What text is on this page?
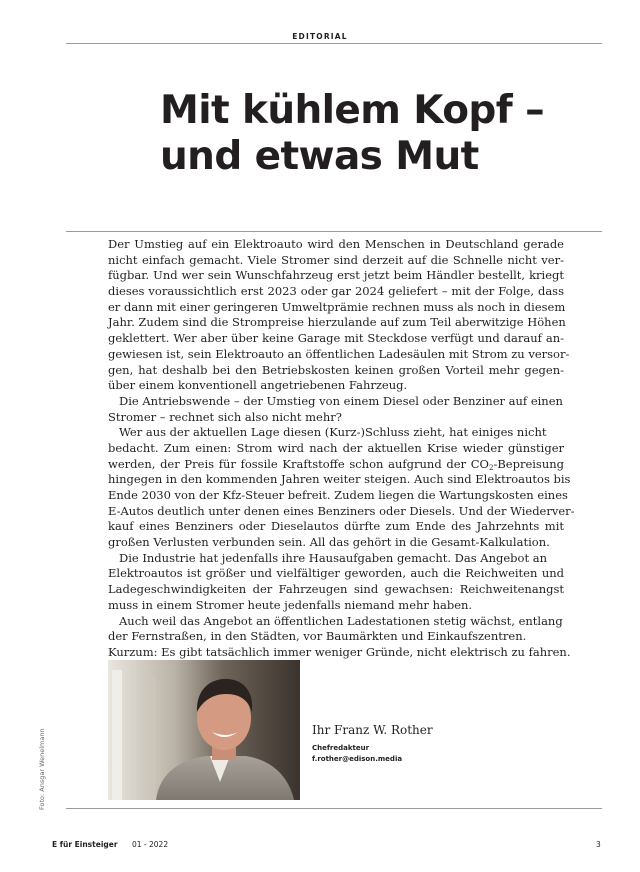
EDITORIAL
Mit kühlem Kopf –
und etwas Mut
Der Umstieg auf ein Elektroauto wird den Menschen in Deutschland gerade
nicht einfach gemacht. Viele Stromer sind derzeit auf die Schnelle nicht ver-
fügbar. Und wer sein Wunschfahrzeug erst jetzt beim Händler bestellt, kriegt
dieses voraussichtlich erst 2023 oder gar 2024 geliefert – mit der Folge, dass
er dann mit einer geringeren Umweltprämie rechnen muss als noch in diesem
Jahr. Zudem sind die Strompreise hierzulande auf zum Teil aberwitzige Höhen
geklettert. Wer aber über keine Garage mit Steckdose verfügt und darauf an-
gewiesen ist, sein Elektroauto an öffentlichen Ladesäulen mit Strom zu versor-
gen, hat deshalb bei den Betriebskosten keinen großen Vorteil mehr gegen-
über einem konventionell angetriebenen Fahrzeug.
Die Antriebswende – der Umstieg von einem Diesel oder Benziner auf einen
Stromer – rechnet sich also nicht mehr?
Wer aus der aktuellen Lage diesen (Kurz-)Schluss zieht, hat einiges nicht
bedacht. Zum einen: Strom wird nach der aktuellen Krise wieder günstiger
werden, der Preis für fossile Kraftstoffe schon aufgrund der $CO_2$-Bepreisung
hingegen in den kommenden Jahren weiter steigen. Auch sind Elektroautos bis
Ende 2030 von der Kfz-Steuer befreit. Zudem liegen die Wartungskosten eines
E-Autos deutlich unter denen eines Benziners oder Diesels. Und der Wiederver-
kauf eines Benziners oder Dieselautos dürfte zum Ende des Jahrzehnts mit
großen Verlusten verbunden sein. All das gehört in die Gesamt-Kalkulation.
Die Industrie hat jedenfalls ihre Hausaufgaben gemacht. Das Angebot an
Elektroautos ist größer und vielfältiger geworden, auch die Reichweiten und
Ladegeschwindigkeiten der Fahrzeugen sind gewachsen: Reichweitenangst
muss in einem Stromer heute jedenfalls niemand mehr haben.
Auch weil das Angebot an öffentlichen Ladestationen stetig wächst, entlang
der Fernstraßen, in den Städten, vor Baumärkten und Einkaufszentren.
Kurzum: Es gibt tatsächlich immer weniger Gründe, nicht elektrisch zu fahren.
Ihr Franz W. Rother
Chefredakteur
f.rother@edison.media
Foto: Ansgar Wenelmann
E für Einsteiger 01 - 2022	3
